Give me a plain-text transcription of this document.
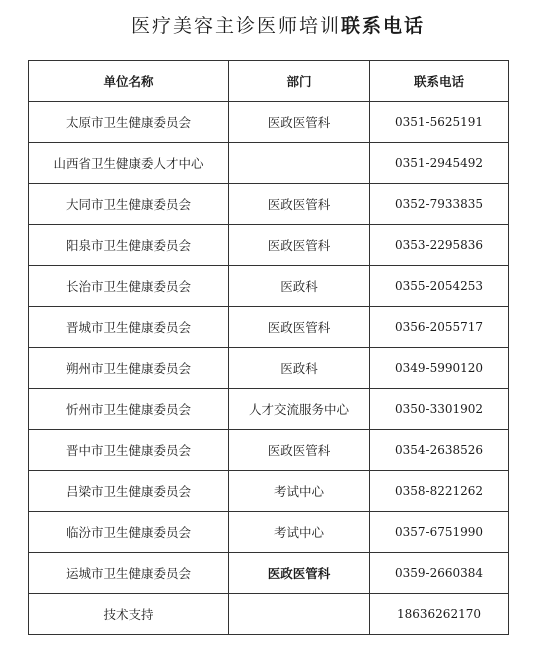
医疗美容主诊医师培训联系电话
单位名称	部门	联系电话
太原市卫生健康委员会	医政医管科	0351-5625191
山西省卫生健康委人才中心		0351-2945492
大同市卫生健康委员会	医政医管科	0352-7933835
阳泉市卫生健康委员会	医政医管科	0353-2295836
长治市卫生健康委员会	医政科	0355-2054253
晋城市卫生健康委员会	医政医管科	0356-2055717
朔州市卫生健康委员会	医政科	0349-5990120
忻州市卫生健康委员会	人才交流服务中心	0350-3301902
晋中市卫生健康委员会	医政医管科	0354-2638526
吕梁市卫生健康委员会	考试中心	0358-8221262
临汾市卫生健康委员会	考试中心	0357-6751990
运城市卫生健康委员会	医政医管科	0359-2660384
技术支持		18636262170
